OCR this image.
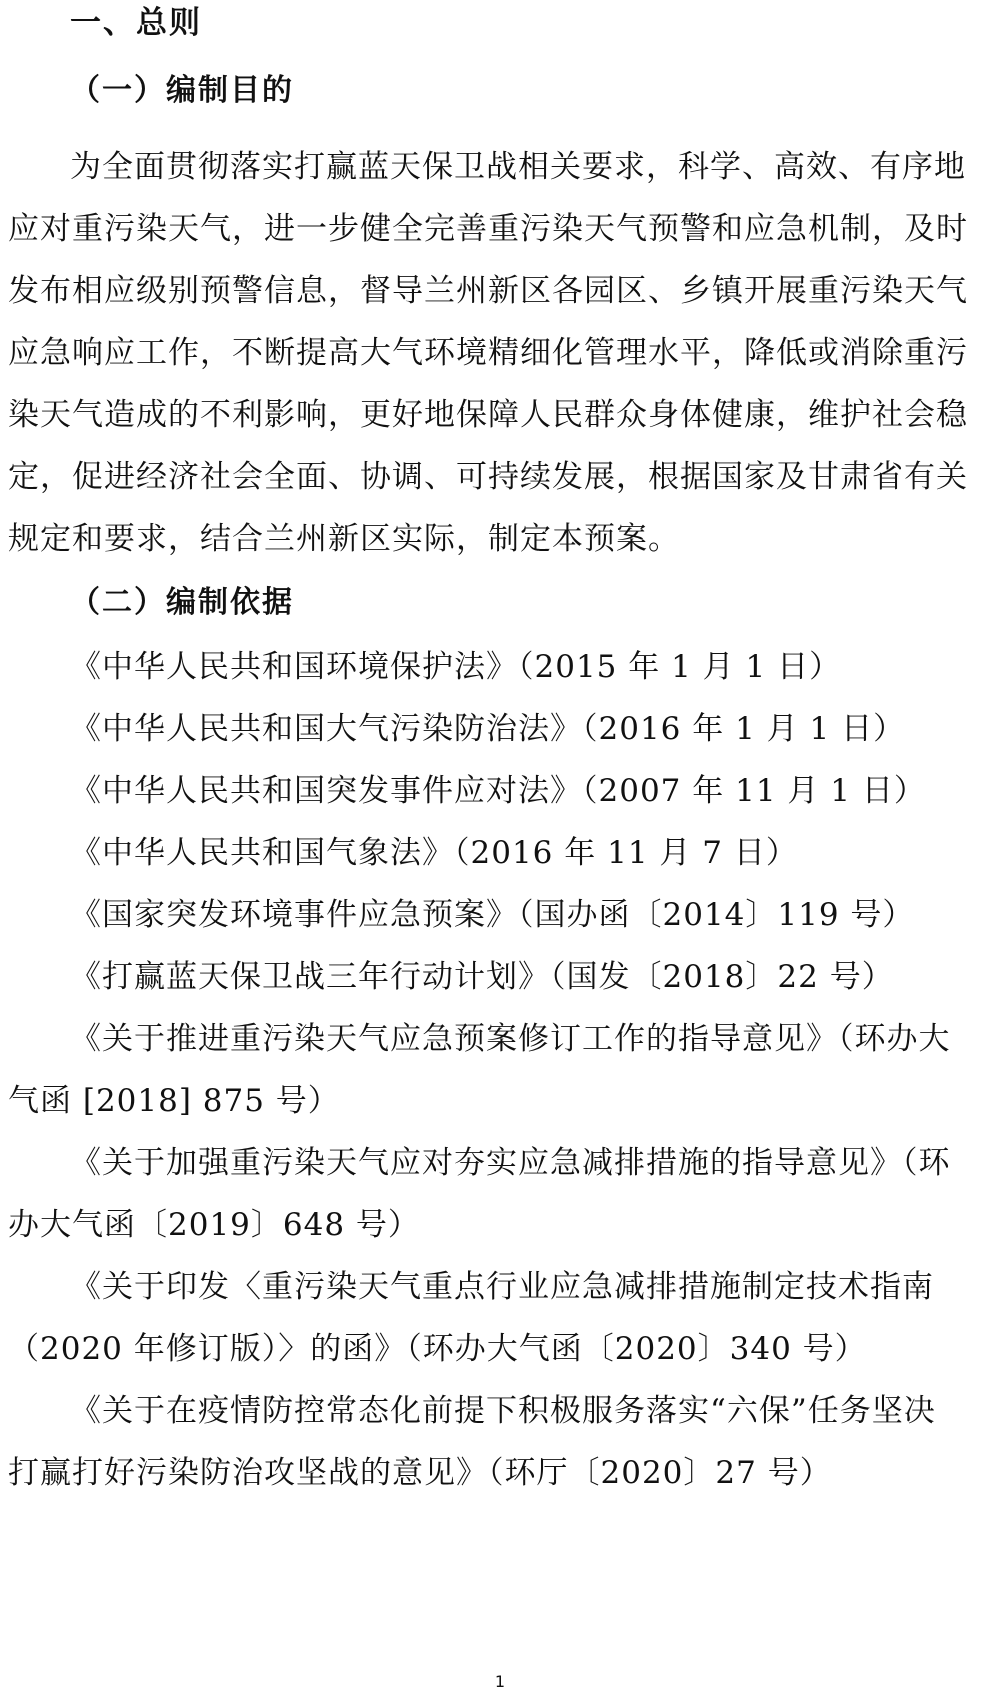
一、总则
（一）编制目的
为全面贯彻落实打赢蓝天保卫战相关要求，科学、高效、有序地
应对重污染天气，进一步健全完善重污染天气预警和应急机制，及时
发布相应级别预警信息，督导兰州新区各园区、乡镇开展重污染天气
应急响应工作，不断提高大气环境精细化管理水平，降低或消除重污
染天气造成的不利影响，更好地保障人民群众身体健康，维护社会稳
定，促进经济社会全面、协调、可持续发展，根据国家及甘肃省有关
规定和要求，结合兰州新区实际，制定本预案。
（二）编制依据
《中华人民共和国环境保护法》（2015 年 1 月 1 日）
《中华人民共和国大气污染防治法》（2016 年 1 月 1 日）
《中华人民共和国突发事件应对法》（2007 年 11 月 1 日）
《中华人民共和国气象法》（2016 年 11 月 7 日）
《国家突发环境事件应急预案》（国办函〔2014〕119 号）
《打赢蓝天保卫战三年行动计划》（国发〔2018〕22 号）
《关于推进重污染天气应急预案修订工作的指导意见》（环办大
气函 [2018] 875 号）
《关于加强重污染天气应对夯实应急减排措施的指导意见》（环
办大气函〔2019〕648 号）
《关于印发〈重污染天气重点行业应急减排措施制定技术指南
（2020 年修订版）〉的函》（环办大气函〔2020〕340 号）
《关于在疫情防控常态化前提下积极服务落实“六保”任务坚决
打赢打好污染防治攻坚战的意见》（环厅〔2020〕27 号）
1
